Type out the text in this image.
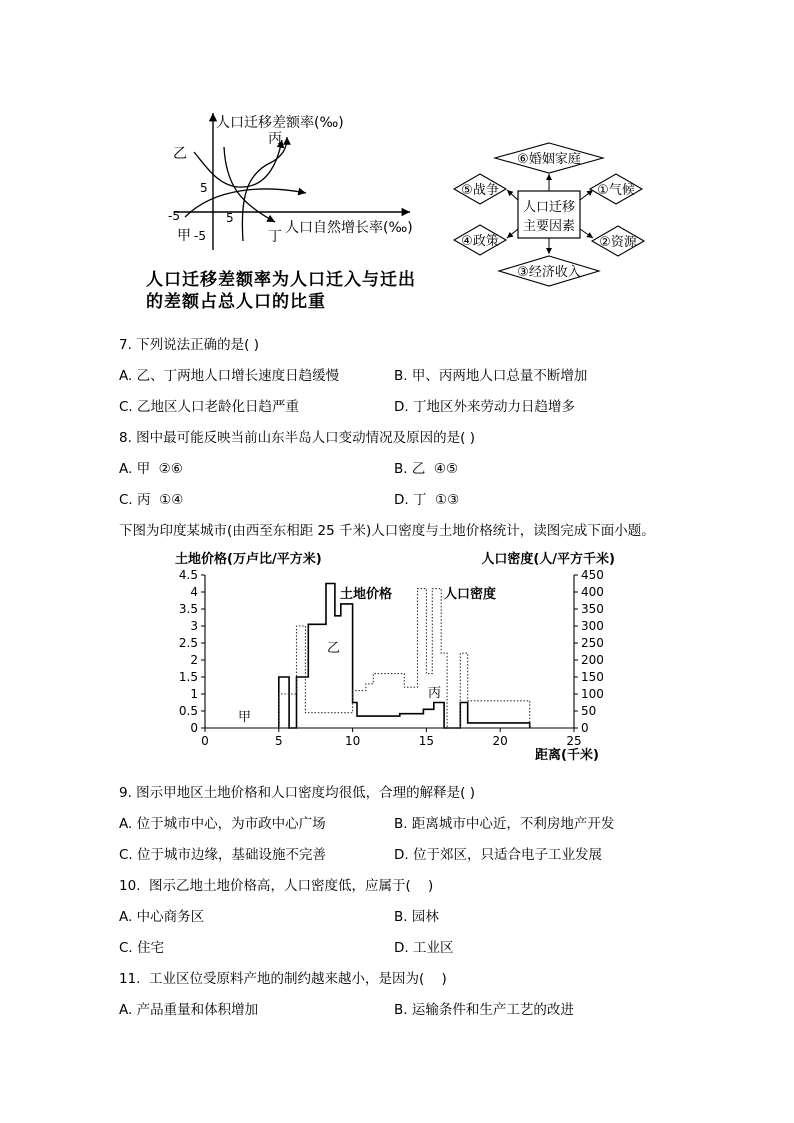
人口迁移差额率(‰)
人口自然增长率(‰)
5
-5	5
-5
乙
丙
丁
甲
人口迁移差额率为人口迁入与迁出
的差额占总人口的比重
人口迁移
主要因素
⑥婚姻家庭
①气候
②资源
③经济收入
④政策
⑤战争
7. 下列说法正确的是( )
A. 乙、丁两地人口增长速度日趋缓慢	B. 甲、丙两地人口总量不断增加
C. 乙地区人口老龄化日趋严重	D. 丁地区外来劳动力日趋增多
8. 图中最可能反映当前山东半岛人口变动情况及原因的是( )
A. 甲  ②⑥	B. 乙  ④⑤
C. 丙  ①④	D. 丁  ①③
下图为印度某城市(由西至东相距 25 千米)人口密度与土地价格统计，读图完成下面小题。
土地价格(万卢比/平方米)	人口密度(人/平方千米)
距离(千米)
0
0.5
1
1.5
2
2.5
3
3.5
4
4.5
0
50
100
150
200
250
300
350
400
450
0	5	10	15	20	25
土地价格	人口密度
甲
乙
丙
9. 图示甲地区土地价格和人口密度均很低，合理的解释是( )
A. 位于城市中心，为市政中心广场	B. 距离城市中心近，不利房地产开发
C. 位于城市边缘，基础设施不完善	D. 位于郊区，只适合电子工业发展
10.  图示乙地土地价格高，人口密度低，应属于(    )
A. 中心商务区	B. 园林
C. 住宅	D. 工业区
11.  工业区位受原料产地的制约越来越小，是因为(    )
A. 产品重量和体积增加	B. 运输条件和生产工艺的改进
